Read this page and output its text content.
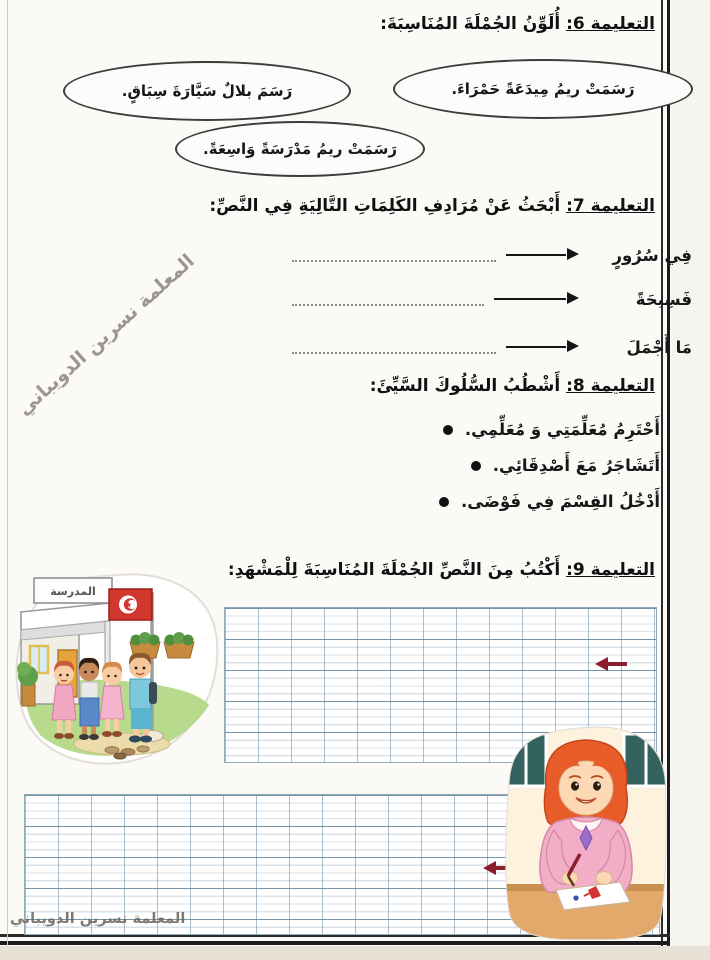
التعليمة 6: أُلَوِّنُ الجُمْلَةَ المُنَاسِبَةَ:
رَسَمَتْ ريمُ مِيدَعَةً حَمْرَاءَ.
رَسَمَ بلالٌ سَيَّارَةَ سِبَاقٍ.
رَسَمَتْ ريمُ مَدْرَسَةً وَاسِعَةً.
التعليمة 7: أَبْحَثُ عَنْ مُرَادِفِ الكَلِمَاتِ التَّالِيَةِ فِي النَّصِّ:
فِي سُرُورٍ
فَسِيحَةً
مَا أَجْمَلَ
التعليمة 8: أَشْطُبُ السُّلُوكَ السَّيِّئَ:
أَحْتَرِمُ مُعَلِّمَتِي وَ مُعَلِّمِي.
أَتَشَاجَرُ مَعَ أَصْدِقَائِي.
أَدْخُلُ القِسْمَ فِي فَوْضَى.
التعليمة 9: أَكْتُبُ مِنَ النَّصِّ الجُمْلَةَ المُنَاسِبَةَ لِلْمَشْهَدِ:
المدرسة
المعلمة نسرين الدويباني
المعلمة نسرين الدويباني
